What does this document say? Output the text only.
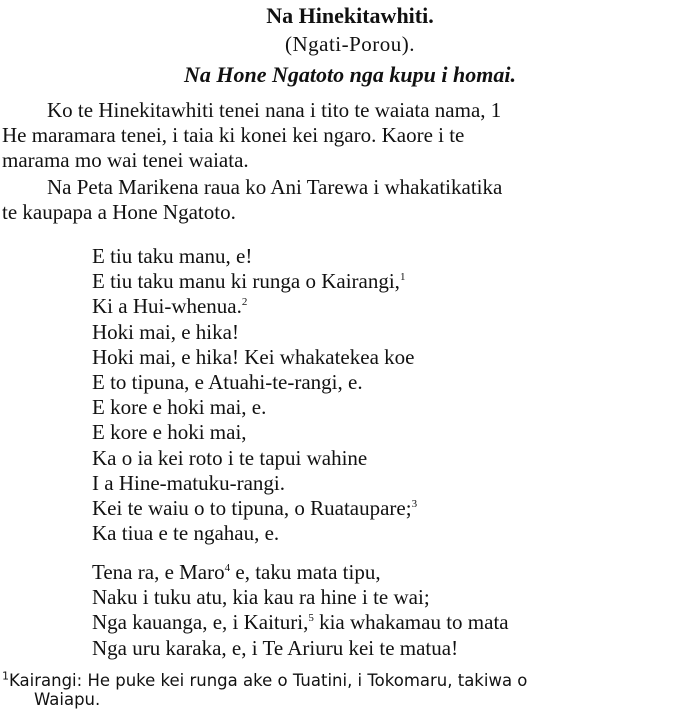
Na Hinekitawhiti.
(Ngati-Porou).
Na Hone Ngatoto nga kupu i homai.
Ko te Hinekitawhiti tenei nana i tito te waiata nama, 1
He maramara tenei, i taia ki konei kei ngaro. Kaore i te
marama mo wai tenei waiata.
Na Peta Marikena raua ko Ani Tarewa i whakatikatika
te kaupapa a Hone Ngatoto.
E tiu taku manu, e!
E tiu taku manu ki runga o Kairangi,$^1$
Ki a Hui-whenua.$^2$
Hoki mai, e hika!
Hoki mai, e hika! Kei whakatekea koe
E to tipuna, e Atuahi-te-rangi, e.
E kore e hoki mai, e.
E kore e hoki mai,
Ka o ia kei roto i te tapui wahine
I a Hine-matuku-rangi.
Kei te waiu o to tipuna, o Ruataupare;$^3$
Ka tiua e te ngahau, e.
Tena ra, e Maro$^4$ e, taku mata tipu,
Naku i tuku atu, kia kau ra hine i te wai;
Nga kauanga, e, i Kaituri,$^5$ kia whakamau to mata
Nga uru karaka, e, i Te Ariuru kei te matua!
$^1$Kairangi: He puke kei runga ake o Tuatini, i Tokomaru, takiwa o
Waiapu.
